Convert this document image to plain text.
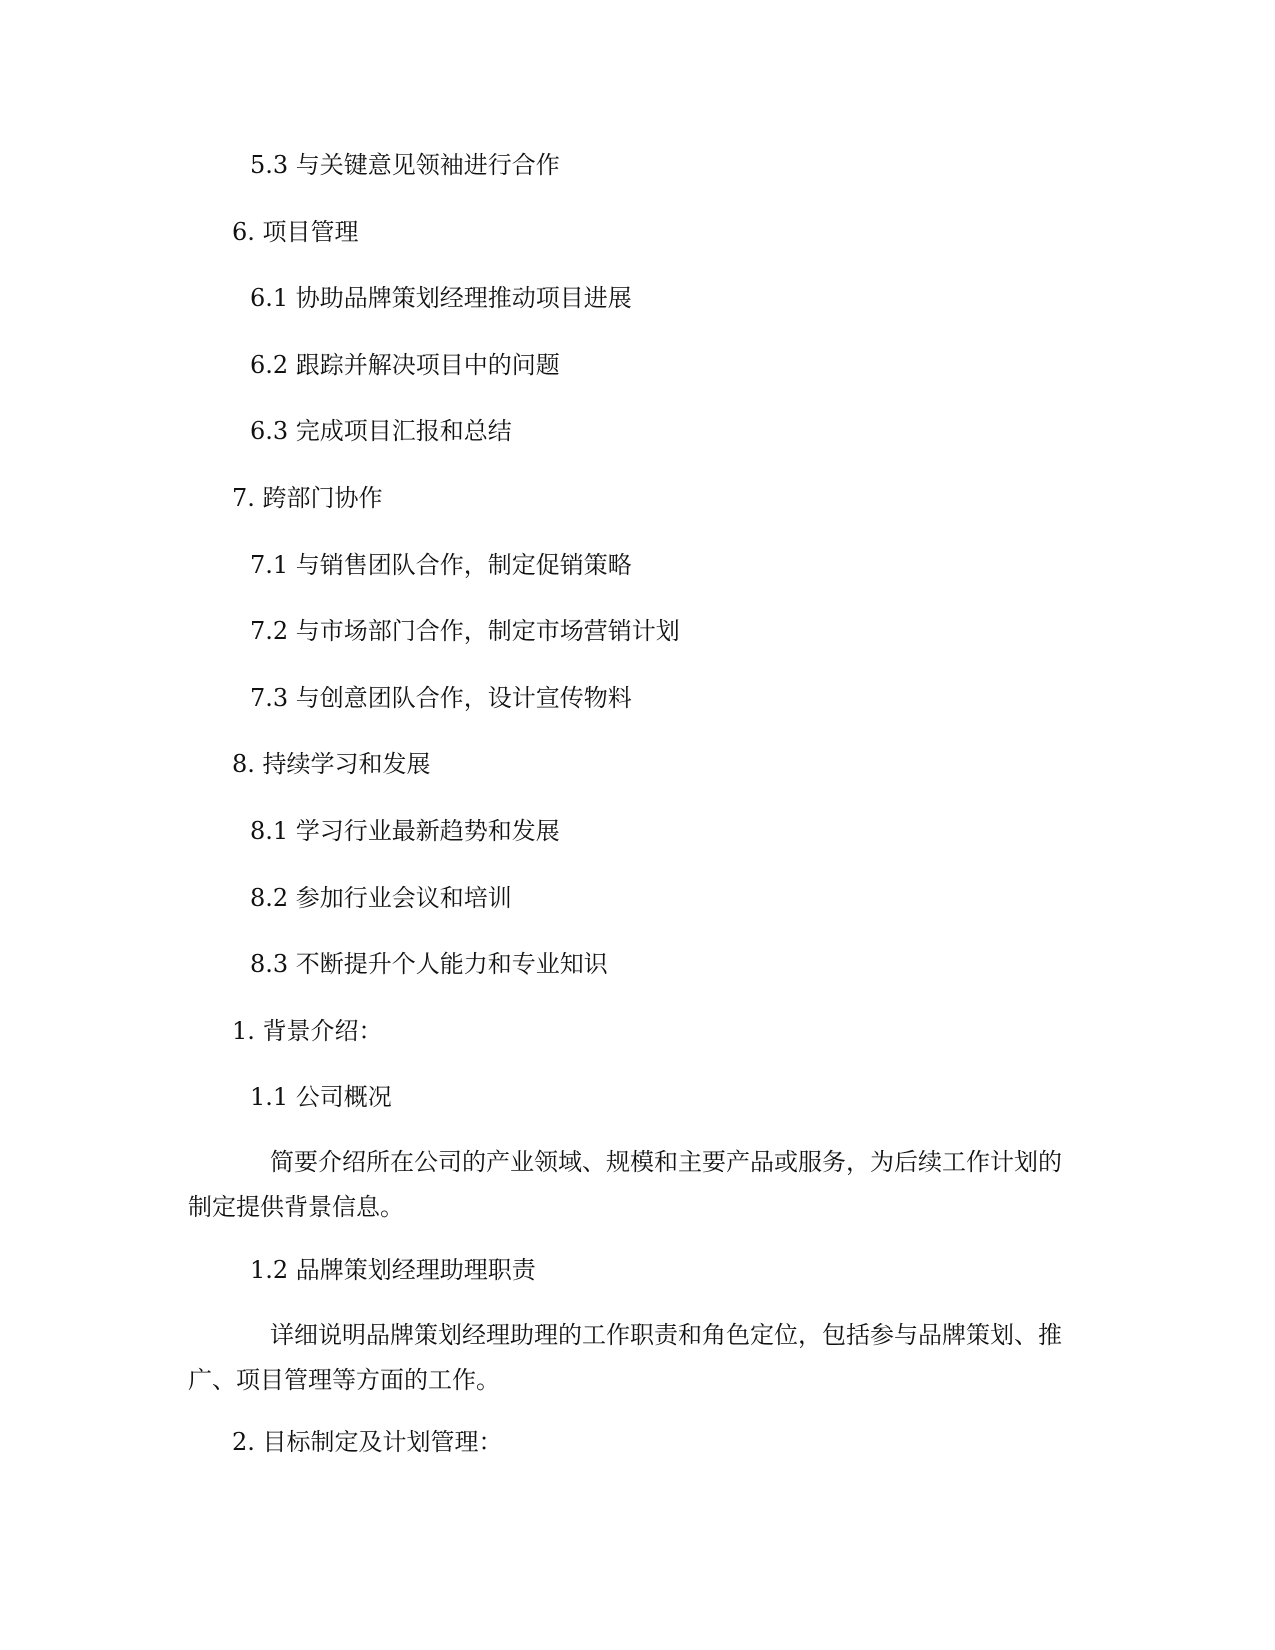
5.3 与关键意见领袖进行合作
6. 项目管理
6.1 协助品牌策划经理推动项目进展
6.2 跟踪并解决项目中的问题
6.3 完成项目汇报和总结
7. 跨部门协作
7.1 与销售团队合作，制定促销策略
7.2 与市场部门合作，制定市场营销计划
7.3 与创意团队合作，设计宣传物料
8. 持续学习和发展
8.1 学习行业最新趋势和发展
8.2 参加行业会议和培训
8.3 不断提升个人能力和专业知识
1. 背景介绍：
1.1 公司概况
简要介绍所在公司的产业领域、规模和主要产品或服务，为后续工作计划的制定提供背景信息。
1.2 品牌策划经理助理职责
详细说明品牌策划经理助理的工作职责和角色定位，包括参与品牌策划、推广、项目管理等方面的工作。
2. 目标制定及计划管理：
